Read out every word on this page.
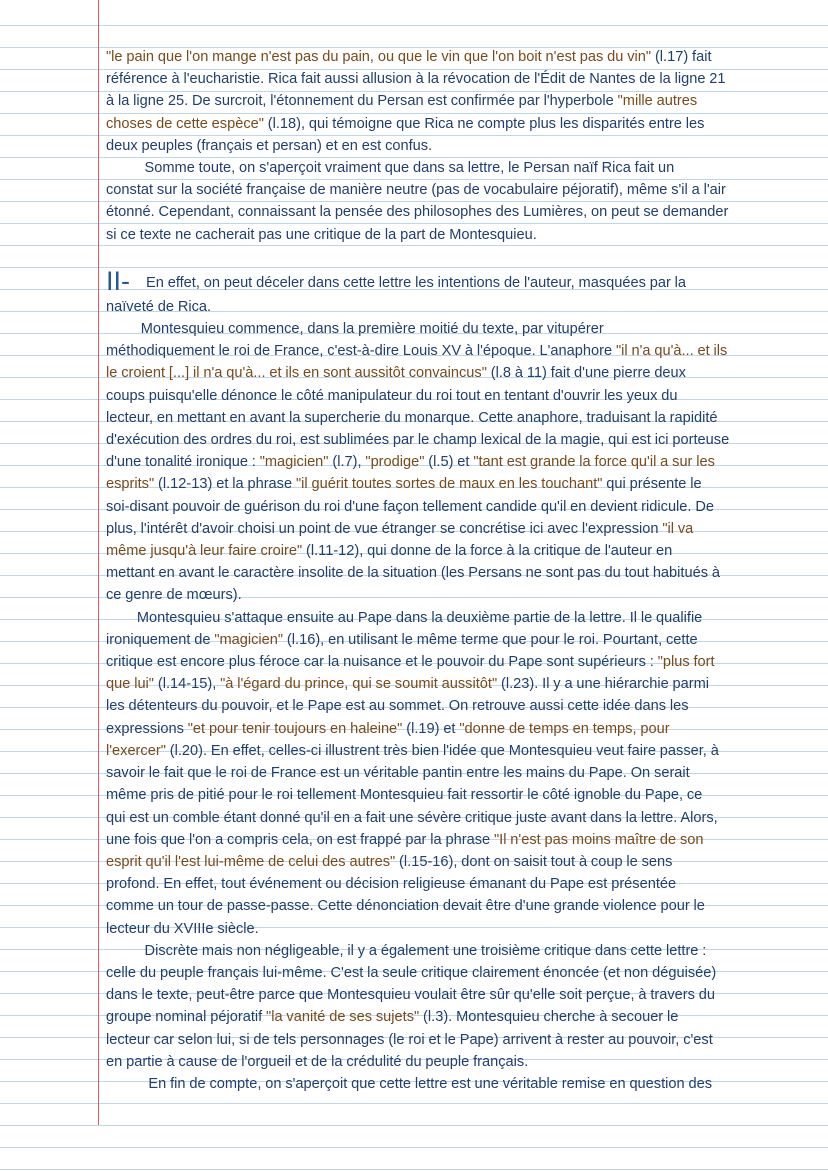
"le pain que l'on mange n'est pas du pain, ou que le vin que l'on boit n'est pas du vin" (l.17) fait
référence à l'eucharistie. Rica fait aussi allusion à la révocation de l'Édit de Nantes de la ligne 21
à la ligne 25. De surcroit, l'étonnement du Persan est confirmée par l'hyperbole "mille autres
choses de cette espèce" (l.18), qui témoigne que Rica ne compte plus les disparités entre les
deux peuples (français et persan) et en est confus.

Somme toute, on s'aperçoit vraiment que dans sa lettre, le Persan naïf Rica fait un
constat sur la société française de manière neutre (pas de vocabulaire péjoratif), même s'il a l'air
étonné. Cependant, connaissant la pensée des philosophes des Lumières, on peut se demander
si ce texte ne cacherait pas une critique de la part de Montesquieu.

II- En effet, on peut déceler dans cette lettre les intentions de l'auteur, masquées par la
naïveté de Rica.

Montesquieu commence, dans la première moitié du texte, par vitupérer
méthodiquement le roi de France, c'est-à-dire Louis XV à l'époque. L'anaphore "il n'a qu'à... et ils
le croient [...] il n'a qu'à... et ils en sont aussitôt convaincus" (l.8 à 11) fait d'une pierre deux
coups puisqu'elle dénonce le côté manipulateur du roi tout en tentant d'ouvrir les yeux du
lecteur, en mettant en avant la supercherie du monarque. Cette anaphore, traduisant la rapidité
d'exécution des ordres du roi, est sublimées par le champ lexical de la magie, qui est ici porteuse
d'une tonalité ironique : "magicien" (l.7), "prodige" (l.5) et "tant est grande la force qu'il a sur les
esprits" (l.12-13) et la phrase "il guérit toutes sortes de maux en les touchant" qui présente le
soi-disant pouvoir de guérison du roi d'une façon tellement candide qu'il en devient ridicule. De
plus, l'intérêt d'avoir choisi un point de vue étranger se concrétise ici avec l'expression "il va
même jusqu'à leur faire croire" (l.11-12), qui donne de la force à la critique de l'auteur en
mettant en avant le caractère insolite de la situation (les Persans ne sont pas du tout habitués à
ce genre de mœurs).

Montesquieu s'attaque ensuite au Pape dans la deuxième partie de la lettre. Il le qualifie
ironiquement de "magicien" (l.16), en utilisant le même terme que pour le roi. Pourtant, cette
critique est encore plus féroce car la nuisance et le pouvoir du Pape sont supérieurs : "plus fort
que lui" (l.14-15), "à l'égard du prince, qui se soumit aussitôt" (l.23). Il y a une hiérarchie parmi
les détenteurs du pouvoir, et le Pape est au sommet. On retrouve aussi cette idée dans les
expressions "et pour tenir toujours en haleine" (l.19) et "donne de temps en temps, pour
l'exercer" (l.20). En effet, celles-ci illustrent très bien l'idée que Montesquieu veut faire passer, à
savoir le fait que le roi de France est un véritable pantin entre les mains du Pape. On serait
même pris de pitié pour le roi tellement Montesquieu fait ressortir le côté ignoble du Pape, ce
qui est un comble étant donné qu'il en a fait une sévère critique juste avant dans la lettre. Alors,
une fois que l'on a compris cela, on est frappé par la phrase "Il n'est pas moins maître de son
esprit qu'il l'est lui-même de celui des autres" (l.15-16), dont on saisit tout à coup le sens
profond. En effet, tout événement ou décision religieuse émanant du Pape est présentée
comme un tour de passe-passe. Cette dénonciation devait être d'une grande violence pour le
lecteur du XVIIIe siècle.

Discrète mais non négligeable, il y a également une troisième critique dans cette lettre :
celle du peuple français lui-même. C'est la seule critique clairement énoncée (et non déguisée)
dans le texte, peut-être parce que Montesquieu voulait être sûr qu'elle soit perçue, à travers du
groupe nominal péjoratif "la vanité de ses sujets" (l.3). Montesquieu cherche à secouer le
lecteur car selon lui, si de tels personnages (le roi et le Pape) arrivent à rester au pouvoir, c'est
en partie à cause de l'orgueil et de la crédulité du peuple français.

En fin de compte, on s'aperçoit que cette lettre est une véritable remise en question des
